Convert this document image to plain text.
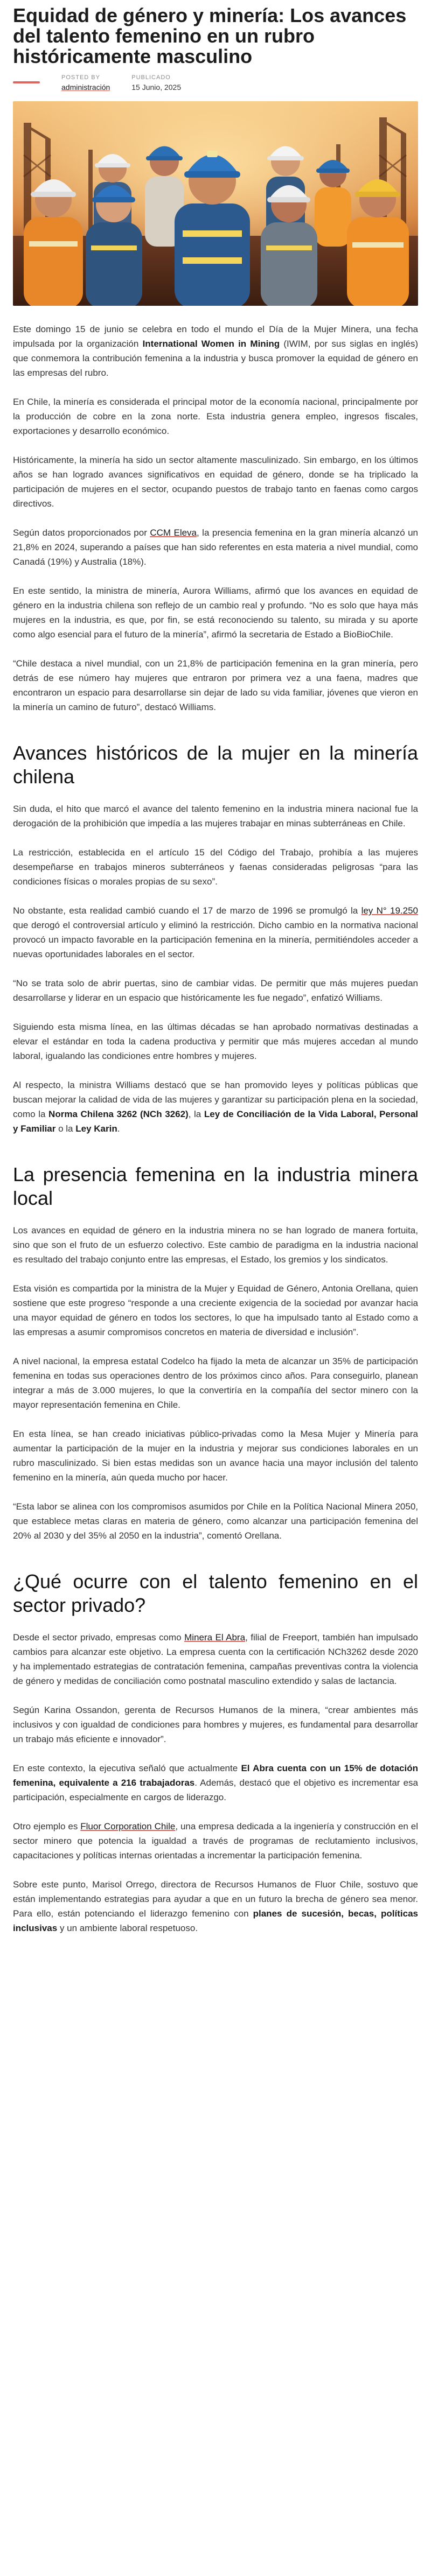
Equidad de género y minería: Los avances del talento femenino en un rubro históricamente masculino
POSTED BY
administración
PUBLICADO
15 Junio, 2025

Este domingo 15 de junio se celebra en todo el mundo el Día de la Mujer Minera, una fecha impulsada por la organización International Women in Mining (IWIM, por sus siglas en inglés) que conmemora la contribución femenina a la industria y busca promover la equidad de género en las empresas del rubro.

En Chile, la minería es considerada el principal motor de la economía nacional, principalmente por la producción de cobre en la zona norte. Esta industria genera empleo, ingresos fiscales, exportaciones y desarrollo económico.

Históricamente, la minería ha sido un sector altamente masculinizado. Sin embargo, en los últimos años se han logrado avances significativos en equidad de género, donde se ha triplicado la participación de mujeres en el sector, ocupando puestos de trabajo tanto en faenas como cargos directivos.

Según datos proporcionados por CCM Eleva, la presencia femenina en la gran minería alcanzó un 21,8% en 2024, superando a países que han sido referentes en esta materia a nivel mundial, como Canadá (19%) y Australia (18%).

En este sentido, la ministra de minería, Aurora Williams, afirmó que los avances en equidad de género en la industria chilena son reflejo de un cambio real y profundo. “No es solo que haya más mujeres en la industria, es que, por fin, se está reconociendo su talento, su mirada y su aporte como algo esencial para el futuro de la minería”, afirmó la secretaria de Estado a BioBioChile.

“Chile destaca a nivel mundial, con un 21,8% de participación femenina en la gran minería, pero detrás de ese número hay mujeres que entraron por primera vez a una faena, madres que encontraron un espacio para desarrollarse sin dejar de lado su vida familiar, jóvenes que vieron en la minería un camino de futuro”, destacó Williams.

Avances históricos de la mujer en la minería chilena

Sin duda, el hito que marcó el avance del talento femenino en la industria minera nacional fue la derogación de la prohibición que impedía a las mujeres trabajar en minas subterráneas en Chile.

La restricción, establecida en el artículo 15 del Código del Trabajo, prohibía a las mujeres desempeñarse en trabajos mineros subterráneos y faenas consideradas peligrosas “para las condiciones físicas o morales propias de su sexo”.

No obstante, esta realidad cambió cuando el 17 de marzo de 1996 se promulgó la ley N° 19.250 que derogó el controversial artículo y eliminó la restricción. Dicho cambio en la normativa nacional provocó un impacto favorable en la participación femenina en la minería, permitiéndoles acceder a nuevas oportunidades laborales en el sector.

“No se trata solo de abrir puertas, sino de cambiar vidas. De permitir que más mujeres puedan desarrollarse y liderar en un espacio que históricamente les fue negado”, enfatizó Williams.

Siguiendo esta misma línea, en las últimas décadas se han aprobado normativas destinadas a elevar el estándar en toda la cadena productiva y permitir que más mujeres accedan al mundo laboral, igualando las condiciones entre hombres y mujeres.

Al respecto, la ministra Williams destacó que se han promovido leyes y políticas públicas que buscan mejorar la calidad de vida de las mujeres y garantizar su participación plena en la sociedad, como la Norma Chilena 3262 (NCh 3262), la Ley de Conciliación de la Vida Laboral, Personal y Familiar o la Ley Karin.

La presencia femenina en la industria minera local

Los avances en equidad de género en la industria minera no se han logrado de manera fortuita, sino que son el fruto de un esfuerzo colectivo. Este cambio de paradigma en la industria nacional es resultado del trabajo conjunto entre las empresas, el Estado, los gremios y los sindicatos.

Esta visión es compartida por la ministra de la Mujer y Equidad de Género, Antonia Orellana, quien sostiene que este progreso “responde a una creciente exigencia de la sociedad por avanzar hacia una mayor equidad de género en todos los sectores, lo que ha impulsado tanto al Estado como a las empresas a asumir compromisos concretos en materia de diversidad e inclusión”.

A nivel nacional, la empresa estatal Codelco ha fijado la meta de alcanzar un 35% de participación femenina en todas sus operaciones dentro de los próximos cinco años. Para conseguirlo, planean integrar a más de 3.000 mujeres, lo que la convertiría en la compañía del sector minero con la mayor representación femenina en Chile.

En esta línea, se han creado iniciativas público-privadas como la Mesa Mujer y Minería para aumentar la participación de la mujer en la industria y mejorar sus condiciones laborales en un rubro masculinizado. Si bien estas medidas son un avance hacia una mayor inclusión del talento femenino en la minería, aún queda mucho por hacer.

“Esta labor se alinea con los compromisos asumidos por Chile en la Política Nacional Minera 2050, que establece metas claras en materia de género, como alcanzar una participación femenina del 20% al 2030 y del 35% al 2050 en la industria”, comentó Orellana.

¿Qué ocurre con el talento femenino en el sector privado?

Desde el sector privado, empresas como Minera El Abra, filial de Freeport, también han impulsado cambios para alcanzar este objetivo. La empresa cuenta con la certificación NCh3262 desde 2020 y ha implementado estrategias de contratación femenina, campañas preventivas contra la violencia de género y medidas de conciliación como postnatal masculino extendido y salas de lactancia.

Según Karina Ossandon, gerenta de Recursos Humanos de la minera, “crear ambientes más inclusivos y con igualdad de condiciones para hombres y mujeres, es fundamental para desarrollar un trabajo más eficiente e innovador”.

En este contexto, la ejecutiva señaló que actualmente El Abra cuenta con un 15% de dotación femenina, equivalente a 216 trabajadoras. Además, destacó que el objetivo es incrementar esa participación, especialmente en cargos de liderazgo.

Otro ejemplo es Fluor Corporation Chile, una empresa dedicada a la ingeniería y construcción en el sector minero que potencia la igualdad a través de programas de reclutamiento inclusivos, capacitaciones y políticas internas orientadas a incrementar la participación femenina.

Sobre este punto, Marisol Orrego, directora de Recursos Humanos de Fluor Chile, sostuvo que están implementando estrategias para ayudar a que en un futuro la brecha de género sea menor. Para ello, están potenciando el liderazgo femenino con planes de sucesión, becas, políticas inclusivas y un ambiente laboral respetuoso.
